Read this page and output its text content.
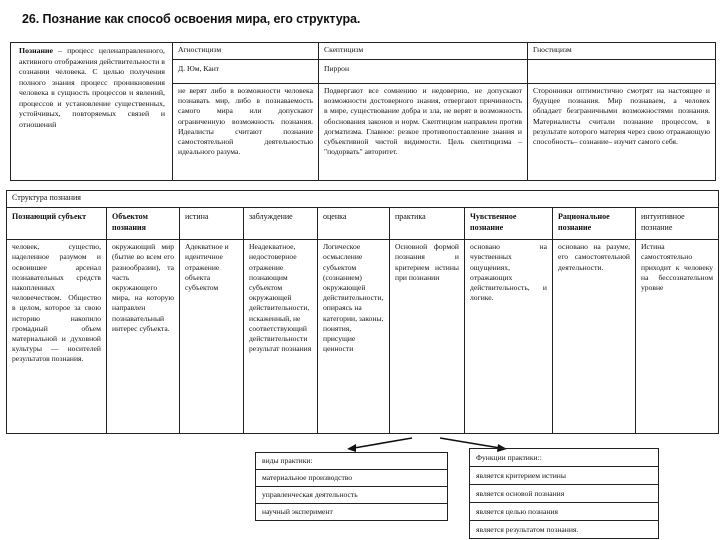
26. Познание как способ освоения мира, его структура.
Познание – процесс целенаправленного, активного отображения действительности в сознании человека. С целью получения полного знания процесс проникновения человека в сущность процессов и явлений, процессов и установление существенных, устойчивых, повторяемых связей и отношений
Агностицизм	Скептицизм	Гностицизм
Д. Юм, Кант	Пиррон	
не верят либо в возможности человека познавать мир, либо в познаваемость самого мира или допускают ограниченную возможность познания. Идеалисты считают познание самостоятельной деятельностью идеального разума.	Подвергают все сомнению и недоверию, не допускают возможности достоверного знания, отвергают причинность в мире, существование добра и зла, не верят в возможность обоснования законов и норм. Скептицизм направлен против догматизма. Главное: резкое противопоставление знания и субъективной чистой видимости. Цель скептицизма – "подорвать" авторитет.	Сторонники оптимистично смотрят на настоящее и будущее познания. Мир познаваем, а человек обладает безграничными возможностями познания. Материалисты считали познание процессом, в результате которого материя через свою отражающую способность– сознание– изучит самого себя.
Структура познания								
Познающий субъект	Объектом познания	истина	заблуждение	оценка	практика	Чувственное познание	Рациональное познание	интуитивное познание
человек, существо, наделенное разумом и освоившее арсенал познавательных средств накопленных человечеством. Общество в целом, которое за свою историю накопило громадный объем материальной и духовной культуры — носителей результатов познания.	окружающий мир (бытие во всем его разнообразии), та часть окружающего мира, на которую направлен познавательный интерес субъекта.	Адекватное и идентичное отражение объекта субъектом	Неадекватное, недостоверное отражение познающим субъектом окружающей действительности, искаженный, не соответствующий действительности результат познания	Логическое осмысление субъектом (сознанием) окружающей действительности, опираясь на категории, законы, понятия, присущие ценности	Основной формой познания и критерием истины при познании	основано на чувственных ощущениях, отражающих действительность, и логике.	основано на разуме, его самостоятельной деятельности.	Истина самостоятельно приходит к человеку на бессознательном уровне
виды практики:
материальное производство
управленческая деятельность
научный эксперимент
Функции практики::
является критерием истины
является основой познания
является целью познания
является результатом познания.
